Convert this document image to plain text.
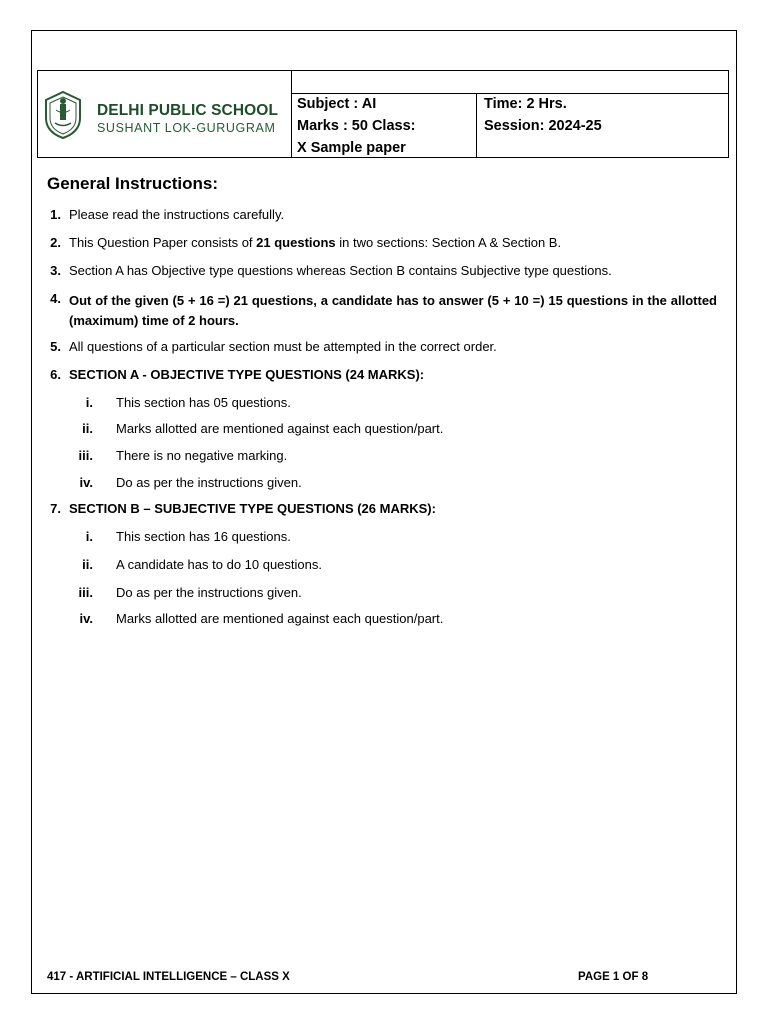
DELHI PUBLIC SCHOOL
SUSHANT LOK-GURUGRAM
Subject : AI
Marks : 50 Class:
X Sample paper
Time: 2 Hrs.
Session: 2024-25
General Instructions:
1. Please read the instructions carefully.
2. This Question Paper consists of 21 questions in two sections: Section A & Section B.
3. Section A has Objective type questions whereas Section B contains Subjective type questions.
4. Out of the given (5 + 16 =) 21 questions, a candidate has to answer (5 + 10 =) 15 questions in the allotted (maximum) time of 2 hours.
5. All questions of a particular section must be attempted in the correct order.
6. SECTION A - OBJECTIVE TYPE QUESTIONS (24 MARKS):
i. This section has 05 questions.
ii. Marks allotted are mentioned against each question/part.
iii. There is no negative marking.
iv. Do as per the instructions given.
7. SECTION B – SUBJECTIVE TYPE QUESTIONS (26 MARKS):
i. This section has 16 questions.
ii. A candidate has to do 10 questions.
iii. Do as per the instructions given.
iv. Marks allotted are mentioned against each question/part.
417 - ARTIFICIAL INTELLIGENCE – CLASS X	PAGE 1 OF 8
